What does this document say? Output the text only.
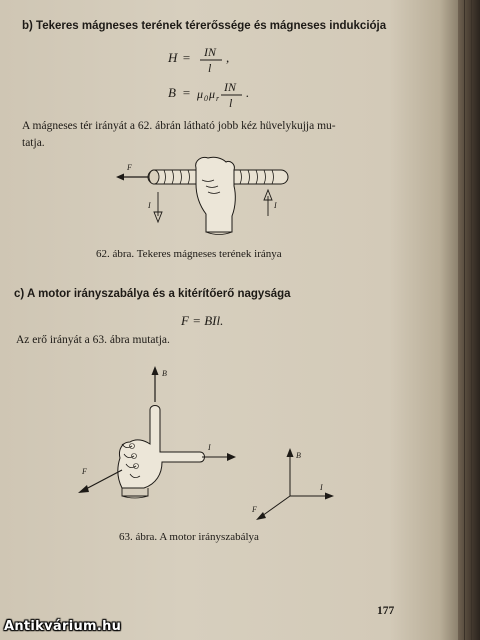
b) Tekeres mágneses terének térerőssége és mágneses indukciója
H = IN
l
,
B = μ 0 μ r
IN
l
.
A mágneses tér irányát a 62. ábrán látható jobb kéz hüvelykujja mu-
tatja.
F
I	I
62. ábra. Tekeres mágneses terének iránya
c) A motor irányszabálya és a kitérítőerő nagysága
F = BIl.
Az erő irányát a 63. ábra mutatja.
B
I
F
B
I
F
63. ábra. A motor irányszabálya
177
Antikvárium.hu
